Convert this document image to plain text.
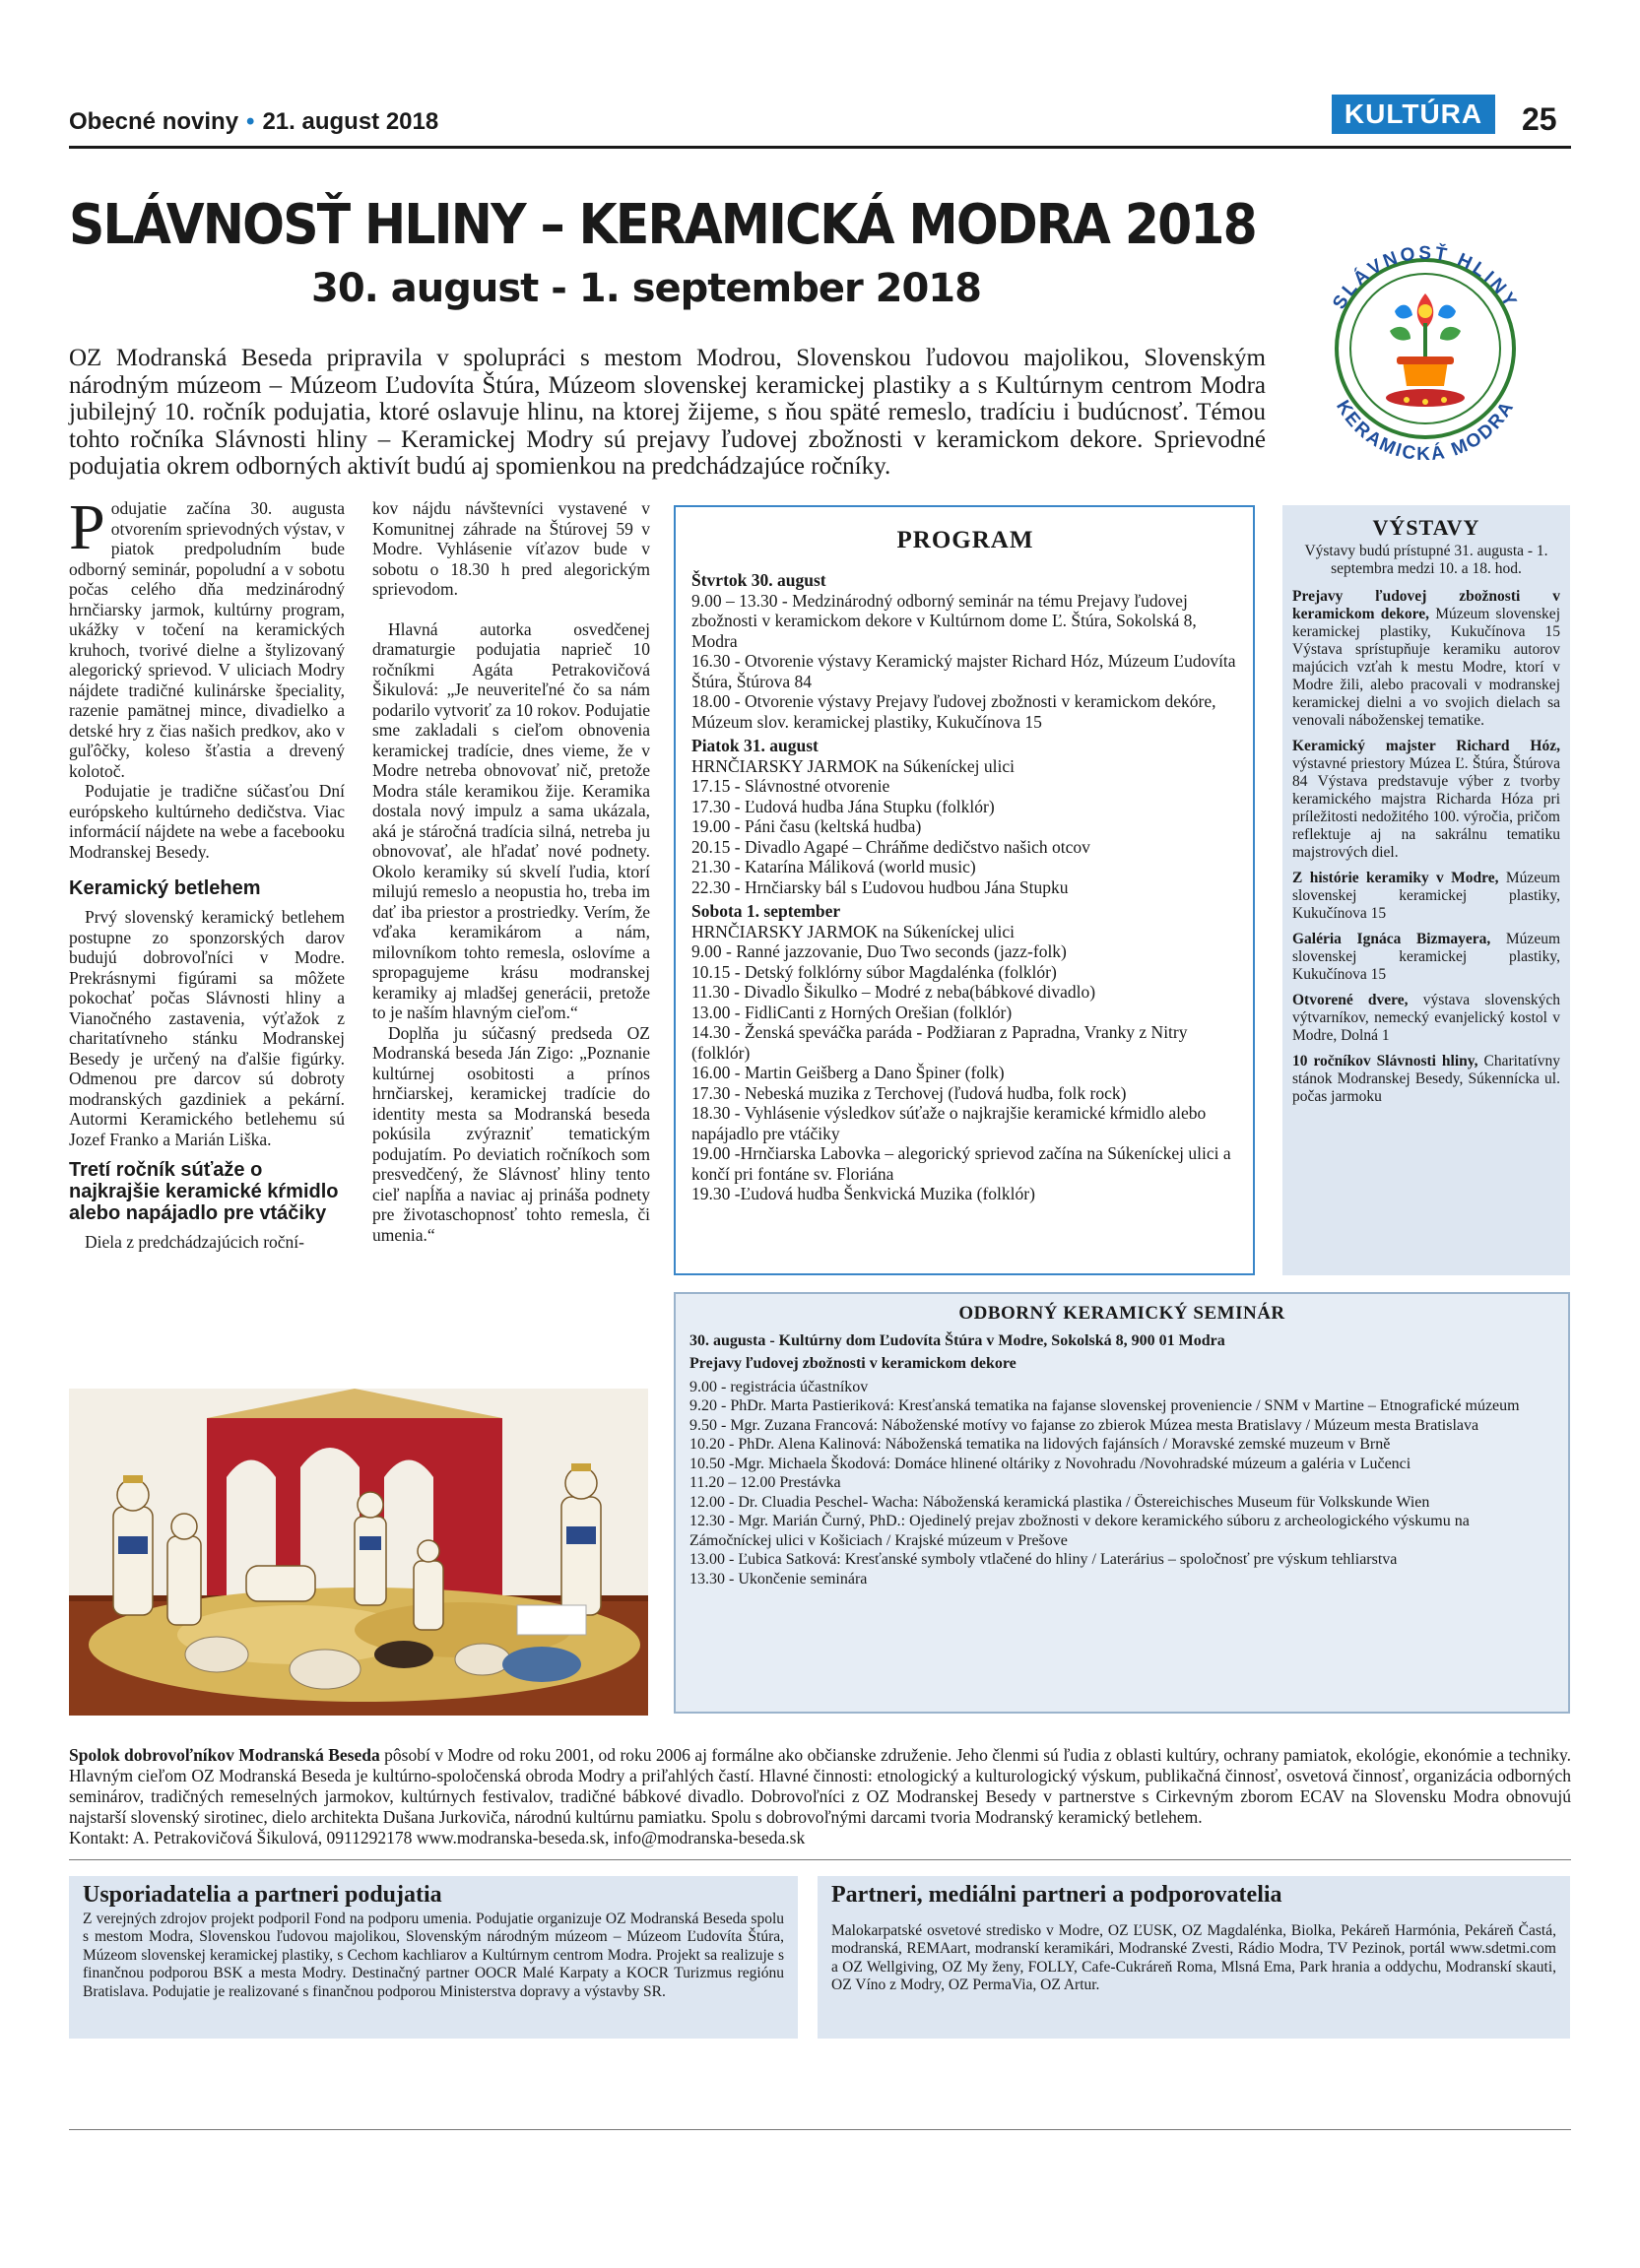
Obecné noviny • 21. august 2018	KULTÚRA	25
SLÁVNOSŤ HLINY – KERAMICKÁ MODRA 2018
30. august - 1. september 2018	SLÁVNOSŤ HLINY
KERAMICKÁ MODRA
OZ Modranská Beseda pripravila v spolupráci s mestom Modrou, Slovenskou ľudovou majolikou, Slovenským národným múzeom – Múzeom Ľudovíta Štúra, Múzeom slovenskej keramickej plastiky a s Kultúrnym centrom Modra jubilejný 10. ročník podujatia, ktoré oslavuje hlinu, na ktorej žijeme, s ňou späté remeslo, tradíciu i budúcnosť. Témou tohto ročníka Slávnosti hliny – Keramickej Modry sú prejavy ľudovej zbožnosti v keramickom dekore. Sprievodné podujatia okrem odborných aktivít budú aj spomienkou na predchádzajúce ročníky.

Podujatie začína 30. augusta otvorením sprievodných výstav, v piatok predpoludním bude odborný seminár, popoludní a v sobotu počas celého dňa medzinárodný hrnčiarsky jarmok, kultúrny program, ukážky v točení na keramických kruhoch, tvorivé dielne a štylizovaný alegorický sprievod. V uliciach Modry nájdete tradičné kulinárske špeciality, razenie pamätnej mince, divadielko a detské hry z čias našich predkov, ako v guľôčky, koleso šťastia a drevený kolotoč.

Podujatie je tradične súčasťou Dní európskeho kultúrneho dedičstva. Viac informácií nájdete na webe a facebooku Modranskej Besedy.

Keramický betlehem

Prvý slovenský keramický betlehem postupne zo sponzorských darov budujú dobrovoľníci v Modre. Prekrásnymi figúrami sa môžete pokochať počas Slávnosti hliny a Vianočného zastavenia, výťažok z charitatívneho stánku Modranskej Besedy je určený na ďalšie figúrky. Odmenou pre darcov sú dobroty modranských gazdiniek a pekární. Autormi Keramického betlehemu sú Jozef Franko a Marián Liška.

Tretí ročník súťaže o najkrajšie keramické kŕmidlo alebo napájadlo pre vtáčiky

Diela z predchádzajúcich roční-

kov nájdu návštevníci vystavené v Komunitnej záhrade na Štúrovej 59 v Modre. Vyhlásenie víťazov bude v sobotu o 18.30 h pred alegorickým sprievodom.

Hlavná autorka osvedčenej dramaturgie podujatia naprieč 10 ročníkmi Agáta Petrakovičová Šikulová: „Je neuveriteľné čo sa nám podarilo vytvoriť za 10 rokov. Podujatie sme zakladali s cieľom obnovenia keramickej tradície, dnes vieme, že v Modre netreba obnovovať nič, pretože Modra stále keramikou žije. Keramika dostala nový impulz a sama ukázala, aká je stáročná tradícia silná, netreba ju obnovovať, ale hľadať nové podnety. Okolo keramiky sú skvelí ľudia, ktorí milujú remeslo a neopustia ho, treba im dať iba priestor a prostriedky. Verím, že vďaka keramikárom a nám, milovníkom tohto remesla, oslovíme a spropagujeme krásu modranskej keramiky aj mladšej generácii, pretože to je naším hlavným cieľom.“

Doplňa ju súčasný predseda OZ Modranská beseda Ján Zigo: „Poznanie kultúrnej osobitosti a prínos hrnčiarskej, keramickej tradície do identity mesta sa Modranská beseda pokúsila zvýrazniť tematickým podujatím. Po deviatich ročníkoch som presvedčený, že Slávnosť hliny tento cieľ napĺňa a naviac aj prináša podnety pre životaschopnosť tohto remesla, či umenia.“

PROGRAM
Štvrtok 30. august
9.00 – 13.30 - Medzinárodný odborný seminár na tému Prejavy ľudovej zbožnosti v keramickom dekore v Kultúrnom dome Ľ. Štúra, Sokolská 8, Modra
16.30 - Otvorenie výstavy Keramický majster Richard Hóz, Múzeum Ľudovíta Štúra, Štúrova 84
18.00 - Otvorenie výstavy Prejavy ľudovej zbožnosti v keramickom dekóre, Múzeum slov. keramickej plastiky, Kukučínova 15
Piatok 31. august
HRNČIARSKY JARMOK na Súkeníckej ulici
17.15 - Slávnostné otvorenie
17.30 - Ľudová hudba Jána Stupku (folklór)
19.00 - Páni času (keltská hudba)
20.15 - Divadlo Agapé – Chráňme dedičstvo našich otcov
21.30 - Katarína Máliková (world music)
22.30 - Hrnčiarsky bál s Ľudovou hudbou Jána Stupku
Sobota 1. september
HRNČIARSKY JARMOK na Súkeníckej ulici
9.00 - Ranné jazzovanie, Duo Two seconds (jazz-folk)
10.15 - Detský folklórny súbor Magdalénka (folklór)
11.30 - Divadlo Šikulko – Modré z neba(bábkové divadlo)
13.00 - FidliCanti z Horných Orešian (folklór)
14.30 - Ženská speváčka paráda - Podžiaran z Papradna, Vranky z Nitry (folklór)
16.00 - Martin Geišberg a Dano Špiner (folk)
17.30 - Nebeská muzika z Terchovej (ľudová hudba, folk rock)
18.30 - Vyhlásenie výsledkov súťaže o najkrajšie keramické kŕmidlo alebo napájadlo pre vtáčiky
19.00 -Hrnčiarska Labovka – alegorický sprievod začína na Súkeníckej ulici a končí pri fontáne sv. Floriána
19.30 -Ľudová hudba Šenkvická Muzika (folklór)
VÝSTAVY
Výstavy budú prístupné 31. augusta - 1. septembra medzi 10. a 18. hod.
Prejavy ľudovej zbožnosti v keramickom dekore, Múzeum slovenskej keramickej plastiky, Kukučínova 15 Výstava sprístupňuje keramiku autorov majúcich vzťah k mestu Modre, ktorí v Modre žili, alebo pracovali v modranskej keramickej dielni a vo svojich dielach sa venovali náboženskej tematike.
Keramický majster Richard Hóz, výstavné priestory Múzea Ľ. Štúra, Štúrova 84 Výstava predstavuje výber z tvorby keramického majstra Richarda Hóza pri príležitosti nedožitého 100. výročia, pričom reflektuje aj na sakrálnu tematiku majstrových diel.
Z histórie keramiky v Modre, Múzeum slovenskej keramickej plastiky, Kukučínova 15
Galéria Ignáca Bizmayera, Múzeum slovenskej keramickej plastiky, Kukučínova 15
Otvorené dvere, výstava slovenských výtvarníkov, nemecký evanjelický kostol v Modre, Dolná 1
10 ročníkov Slávnosti hliny, Charitatívny stánok Modranskej Besedy, Súkennícka ul. počas jarmoku
ODBORNÝ KERAMICKÝ SEMINÁR
30. augusta - Kultúrny dom Ľudovíta Štúra v Modre, Sokolská 8, 900 01 Modra
Prejavy ľudovej zbožnosti v keramickom dekore
9.00 - registrácia účastníkov
9.20 - PhDr. Marta Pastieriková: Kresťanská tematika na fajanse slovenskej proveniencie / SNM v Martine – Etnografické múzeum
9.50 - Mgr. Zuzana Francová: Náboženské motívy vo fajanse zo zbierok Múzea mesta Bratislavy / Múzeum mesta Bratislava
10.20 - PhDr. Alena Kalinová: Náboženská tematika na lidových fajánsích / Moravské zemské muzeum v Brně
10.50 -Mgr. Michaela Škodová: Domáce hlinené oltáriky z Novohradu /Novohradské múzeum a galéria v Lučenci
11.20 – 12.00 Prestávka
12.00 - Dr. Cluadia Peschel- Wacha: Náboženská keramická plastika / Östereichisches Museum für Volkskunde Wien
12.30 - Mgr. Marián Čurný, PhD.: Ojedinelý prejav zbožnosti v dekore keramického súboru z archeologického výskumu na Zámočníckej ulici v Košiciach / Krajské múzeum v Prešove
13.00 - Ľubica Satková: Kresťanské symboly vtlačené do hliny / Laterárius – spoločnosť pre výskum tehliarstva
13.30 - Ukončenie seminára
Spolok dobrovoľníkov Modranská Beseda pôsobí v Modre od roku 2001, od roku 2006 aj formálne ako občianske združenie. Jeho členmi sú ľudia z oblasti kultúry, ochrany pamiatok, ekológie, ekonómie a techniky. Hlavným cieľom OZ Modranská Beseda je kultúrno-spoločenská obroda Modry a priľahlých častí. Hlavné činnosti: etnologický a kulturologický výskum, publikačná činnosť, osvetová činnosť, organizácia odborných seminárov, tradičných remeselných jarmokov, kultúrnych festivalov, tradičné bábkové divadlo. Dobrovoľníci z OZ Modranskej Besedy v partnerstve s Cirkevným zborom ECAV na Slovensku Modra obnovujú najstarší slovenský sirotinec, dielo architekta Dušana Jurkoviča, národnú kultúrnu pamiatku. Spolu s dobrovoľnými darcami tvoria Modranský keramický betlehem.
Kontakt: A. Petrakovičová Šikulová, 0911292178 www.modranska-beseda.sk, info@modranska-beseda.sk
Usporiadatelia a partneri podujatia
Z verejných zdrojov projekt podporil Fond na podporu umenia. Podujatie organizuje OZ Modranská Beseda spolu s mestom Modra, Slovenskou ľudovou majolikou, Slovenským národným múzeom – Múzeom Ľudovíta Štúra, Múzeom slovenskej keramickej plastiky, s Cechom kachliarov a Kultúrnym centrom Modra. Projekt sa realizuje s finančnou podporou BSK a mesta Modry. Destinačný partner OOCR Malé Karpaty a KOCR Turizmus regiónu Bratislava. Podujatie je realizované s finančnou podporou Ministerstva dopravy a výstavby SR.
Partneri, mediálni partneri a podporovatelia
Malokarpatské osvetové stredisko v Modre, OZ ĽUSK, OZ Magdalénka, Biolka, Pekáreň Harmónia, Pekáreň Častá, modranská, REMAart, modranskí keramikári, Modranské Zvesti, Rádio Modra, TV Pezinok, portál www.sdetmi.com a OZ Wellgiving, OZ My ženy, FOLLY, Cafe-Cukráreň Roma, Mlsná Ema, Park hrania a oddychu, Modranskí skauti, OZ Víno z Modry, OZ PermaVia, OZ Artur.
